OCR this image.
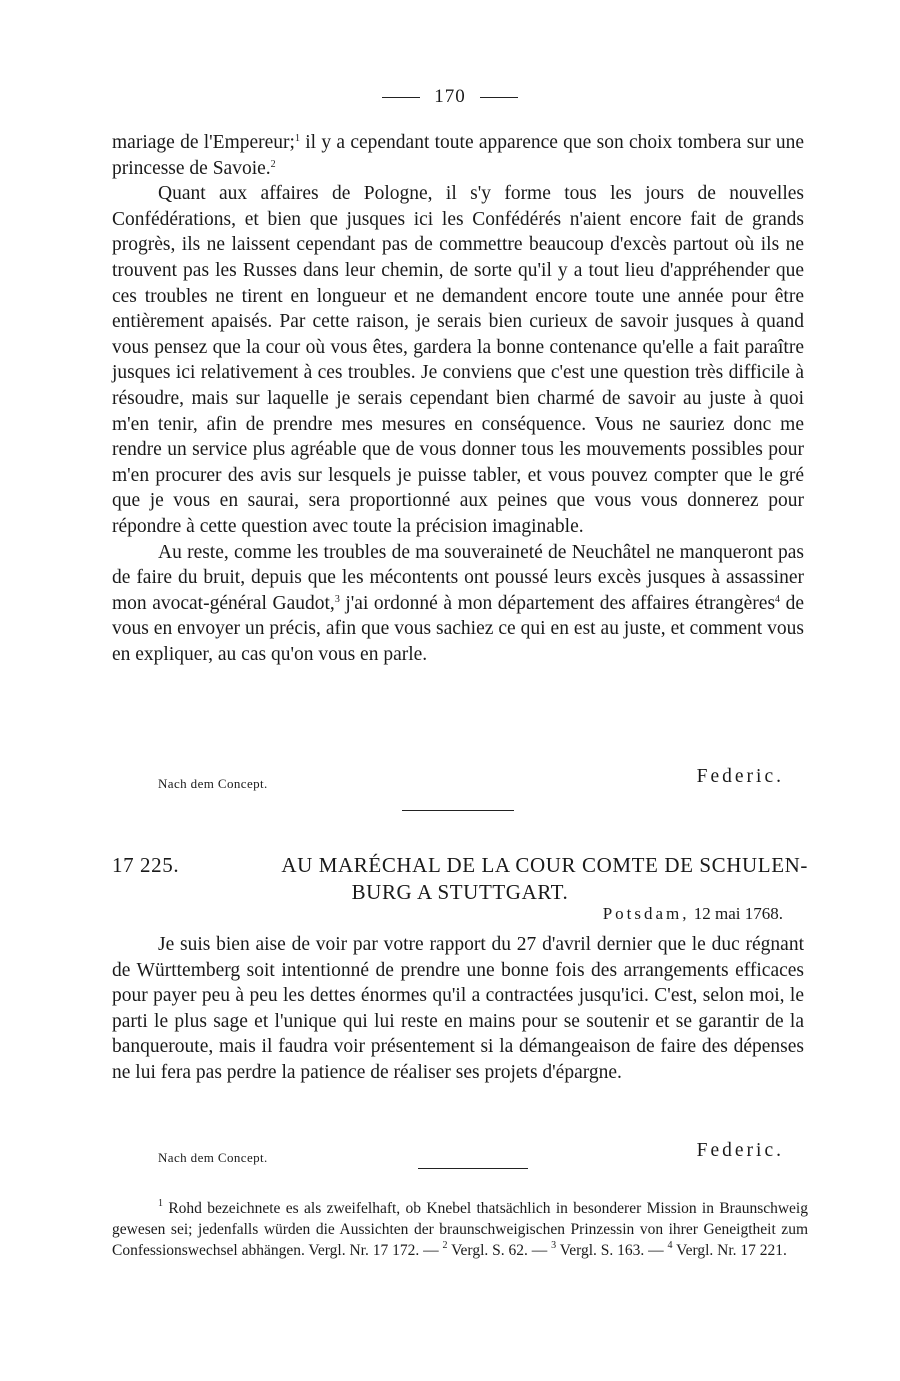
170

mariage de l'Empereur;$^1$ il y a cependant toute apparence que son choix tombera sur une princesse de Savoie.$^2$

Quant aux affaires de Pologne, il s'y forme tous les jours de nouvelles Confédérations, et bien que jusques ici les Confédérés n'aient encore fait de grands progrès, ils ne laissent cependant pas de commettre beaucoup d'excès partout où ils ne trouvent pas les Russes dans leur chemin, de sorte qu'il y a tout lieu d'appréhender que ces troubles ne tirent en longueur et ne demandent encore toute une année pour être entièrement apaisés. Par cette raison, je serais bien curieux de savoir jusques à quand vous pensez que la cour où vous êtes, gardera la bonne contenance qu'elle a fait paraître jusques ici relativement à ces troubles. Je conviens que c'est une question très difficile à résoudre, mais sur laquelle je serais cependant bien charmé de savoir au juste à quoi m'en tenir, afin de prendre mes mesures en conséquence. Vous ne sauriez donc me rendre un service plus agréable que de vous donner tous les mouvements possibles pour m'en procurer des avis sur lesquels je puisse tabler, et vous pouvez compter que le gré que je vous en saurai, sera proportionné aux peines que vous vous donnerez pour répondre à cette question avec toute la précision imaginable.

Au reste, comme les troubles de ma souveraineté de Neuchâtel ne manqueront pas de faire du bruit, depuis que les mécontents ont poussé leurs excès jusques à assassiner mon avocat-général Gaudot,$^3$ j'ai ordonné à mon département des affaires étrangères$^4$ de vous en envoyer un précis, afin que vous sachiez ce qui en est au juste, et comment vous en expliquer, au cas qu'on vous en parle.

Nach dem Concept.	Federic.
17 225.	AU MARÉCHAL DE LA COUR COMTE DE SCHULEN-
BURG A STUTTGART.
Potsdam, 12 mai 1768.

Je suis bien aise de voir par votre rapport du 27 d'avril dernier que le duc régnant de Württemberg soit intentionné de prendre une bonne fois des arrangements efficaces pour payer peu à peu les dettes énormes qu'il a contractées jusqu'ici. C'est, selon moi, le parti le plus sage et l'unique qui lui reste en mains pour se soutenir et se garantir de la banqueroute, mais il faudra voir présentement si la démangeaison de faire des dépenses ne lui fera pas perdre la patience de réaliser ses projets d'épargne.

Nach dem Concept.	Federic.

$^1$ Rohd bezeichnete es als zweifelhaft, ob Knebel thatsächlich in besonderer Mission in Braunschweig gewesen sei; jedenfalls würden die Aussichten der braunschweigischen Prinzessin von ihrer Geneigtheit zum Confessionswechsel abhängen. Vergl. Nr. 17 172. — $^2$ Vergl. S. 62. — $^3$ Vergl. S. 163. — $^4$ Vergl. Nr. 17 221.
